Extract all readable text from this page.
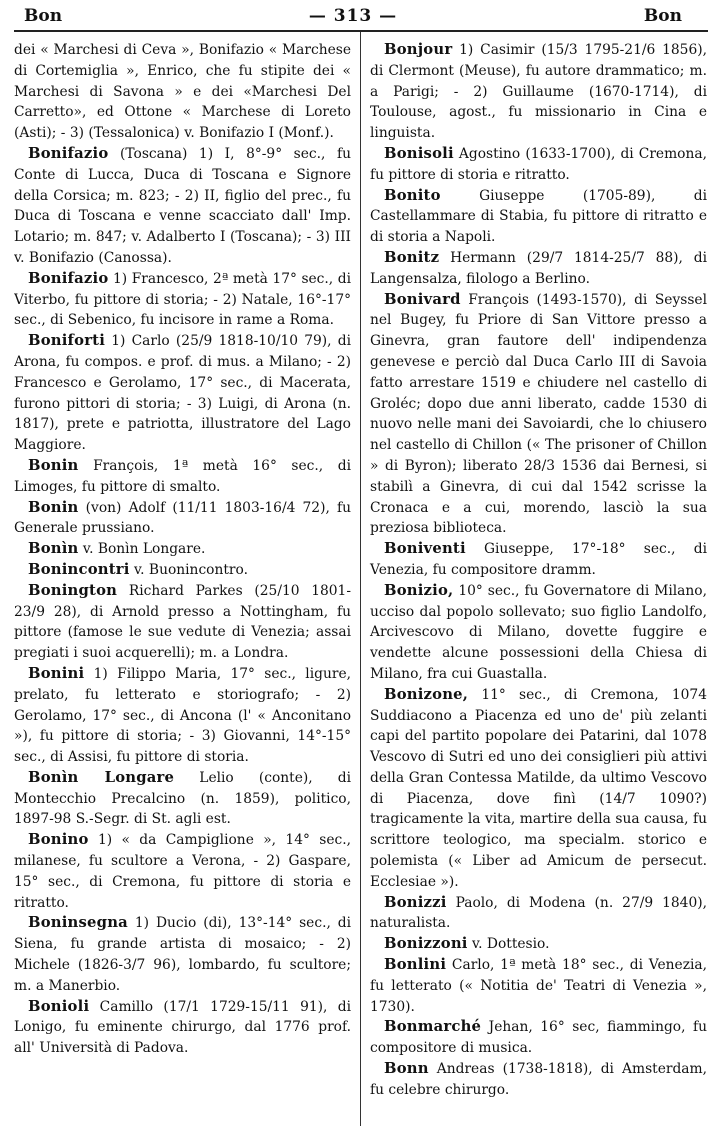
Bon	— 313 —	Bon

dei « Marchesi di Ceva », Bonifazio « Marchese di Cortemiglia », Enrico, che fu stipite dei « Marchesi di Savona » e dei «Marchesi Del Carretto», ed Ottone « Marchese di Loreto (Asti); - 3) (Tessalonica) v. Bonifazio I (Monf.).

Bonifazio (Toscana) 1) I, 8°-9° sec., fu Conte di Lucca, Duca di Toscana e Signore della Corsica; m. 823; - 2) II, figlio del prec., fu Duca di Toscana e venne scacciato dall' Imp. Lotario; m. 847; v. Adalberto I (Toscana); - 3) III v. Bonifazio (Canossa).

Bonifazio 1) Francesco, 2ª metà 17° sec., di Viterbo, fu pittore di storia; - 2) Natale, 16°-17° sec., di Sebenico, fu incisore in rame a Roma.

Boniforti 1) Carlo (25/9 1818-10/10 79), di Arona, fu compos. e prof. di mus. a Milano; - 2) Francesco e Gerolamo, 17° sec., di Macerata, furono pittori di storia; - 3) Luigi, di Arona (n. 1817), prete e patriotta, illustratore del Lago Maggiore.

Bonin François, 1ª metà 16° sec., di Limoges, fu pittore di smalto.

Bonin (von) Adolf (11/11 1803-16/4 72), fu Generale prussiano.

Bonìn v. Bonìn Longare.

Bonincontri v. Buonincontro.

Bonington Richard Parkes (25/10 1801-23/9 28), di Arnold presso a Nottingham, fu pittore (famose le sue vedute di Venezia; assai pregiati i suoi acquerelli); m. a Londra.

Bonini 1) Filippo Maria, 17° sec., ligure, prelato, fu letterato e storiografo; - 2) Gerolamo, 17° sec., di Ancona (l' « Anconitano »), fu pittore di storia; - 3) Giovanni, 14°-15° sec., di Assisi, fu pittore di storia.

Bonìn Longare Lelio (conte), di Montecchio Precalcino (n. 1859), politico, 1897-98 S.-Segr. di St. agli est.

Bonino 1) « da Campiglione », 14° sec., milanese, fu scultore a Verona, - 2) Gaspare, 15° sec., di Cremona, fu pittore di storia e ritratto.

Boninsegna 1) Ducio (di), 13°-14° sec., di Siena, fu grande artista di mosaico; - 2) Michele (1826-3/7 96), lombardo, fu scultore; m. a Manerbio.

Bonioli Camillo (17/1 1729-15/11 91), di Lonigo, fu eminente chirurgo, dal 1776 prof. all' Università di Padova.

Bonjour 1) Casimir (15/3 1795-21/6 1856), di Clermont (Meuse), fu autore drammatico; m. a Parigi; - 2) Guillaume (1670-1714), di Toulouse, agost., fu missionario in Cina e linguista.

Bonisoli Agostino (1633-1700), di Cremona, fu pittore di storia e ritratto.

Bonito	Giuseppe (1705-89), di Castellammare di Stabia, fu pittore di ritratto e di storia a Napoli.

Bonitz Hermann (29/7 1814-25/7 88), di Langensalza, filologo a Berlino.

Bonivard François (1493-1570), di Seyssel nel Bugey, fu Priore di San Vittore presso a Ginevra, gran fautore dell' indipendenza genevese e perciò dal Duca Carlo III di Savoia fatto arrestare 1519 e chiudere nel castello di Groléc; dopo due anni liberato, cadde 1530 di nuovo nelle mani dei Savoiardi, che lo chiusero nel castello di Chillon (« The prisoner of Chillon » di Byron); liberato 28/3 1536 dai Bernesi, si stabilì a Ginevra, di cui dal 1542 scrisse la Cronaca e a cui, morendo, lasciò la sua preziosa biblioteca.

Boniventi Giuseppe, 17°-18° sec., di Venezia, fu compositore dramm.

Bonizio, 10° sec., fu Governatore di Milano, ucciso dal popolo sollevato; suo figlio Landolfo, Arcivescovo di Milano, dovette fuggire e vendette alcune possessioni della Chiesa di Milano, fra cui Guastalla.

Bonizone, 11° sec., di Cremona, 1074 Suddiacono a Piacenza ed uno de' più zelanti capi del partito popolare dei Patarini, dal 1078 Vescovo di Sutri ed uno dei consiglieri più attivi della Gran Contessa Matilde, da ultimo Vescovo di Piacenza, dove finì (14/7 1090?) tragicamente la vita, martire della sua causa, fu scrittore teologico, ma specialm. storico e polemista (« Liber ad Amicum de persecut. Ecclesiae »).

Bonizzi Paolo, di Modena (n. 27/9 1840), naturalista.

Bonizzoni v. Dottesio.

Bonlini Carlo, 1ª metà 18° sec., di Venezia, fu letterato (« Notitia de' Teatri di Venezia », 1730).

Bonmarché Jehan, 16° sec, fiammingo, fu compositore di musica.

Bonn Andreas (1738-1818), di Amsterdam, fu celebre chirurgo.
